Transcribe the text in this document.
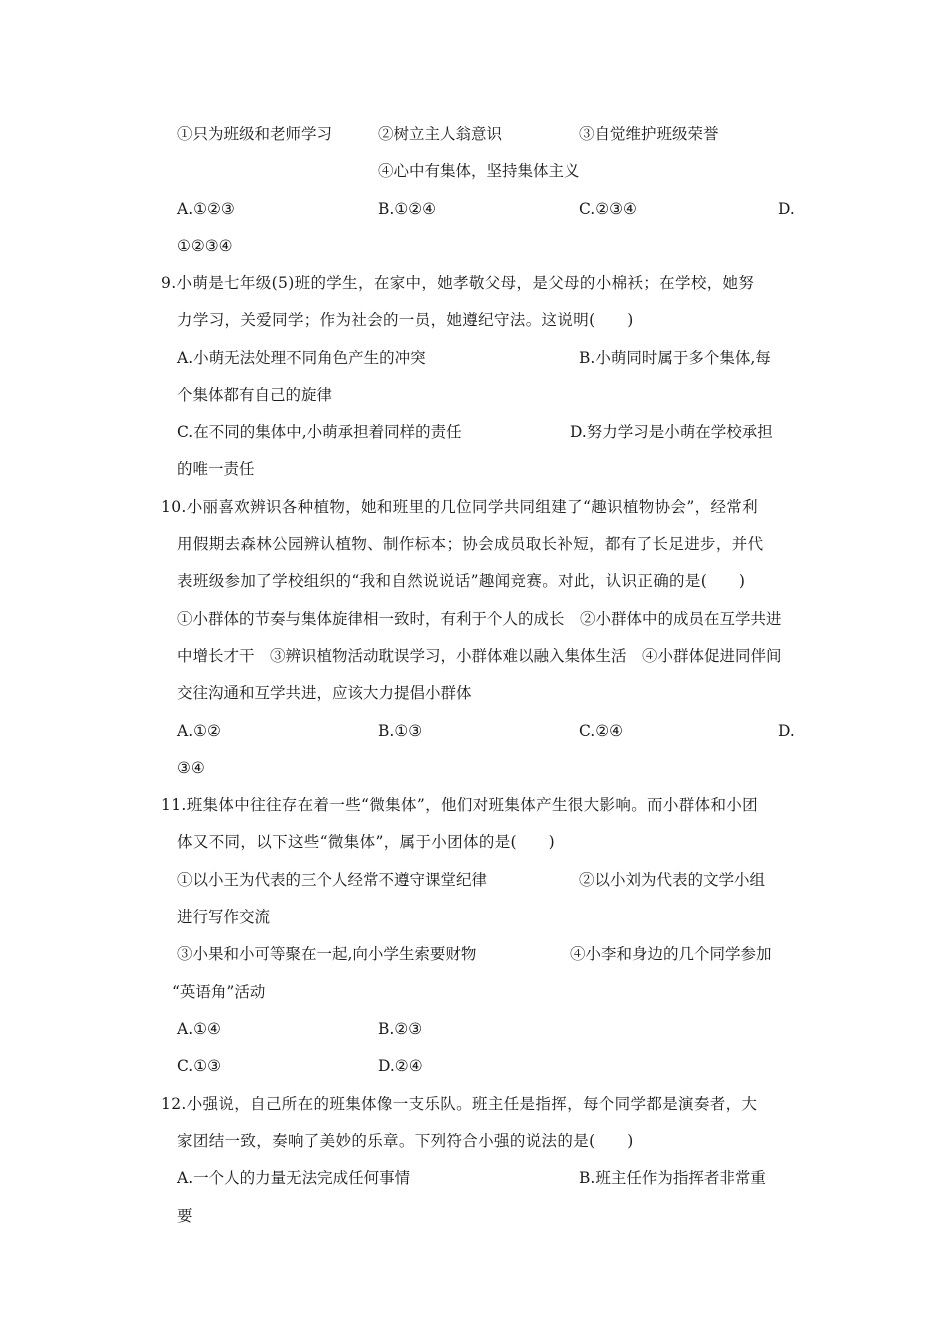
①只为班级和老师学习	②树立主人翁意识	③自觉维护班级荣誉
④心中有集体，坚持集体主义
A.①②③	B.①②④	C.②③④	D.
①②③④
9.小萌是七年级(5)班的学生，在家中，她孝敬父母，是父母的小棉袄；在学校，她努
力学习，关爱同学；作为社会的一员，她遵纪守法。这说明(　　)
A.小萌无法处理不同角色产生的冲突	B.小萌同时属于多个集体,每
个集体都有自己的旋律
C.在不同的集体中,小萌承担着同样的责任	D.努力学习是小萌在学校承担
的唯一责任
10.小丽喜欢辨识各种植物，她和班里的几位同学共同组建了“趣识植物协会”，经常利
用假期去森林公园辨认植物、制作标本；协会成员取长补短，都有了长足进步，并代
表班级参加了学校组织的“我和自然说说话”趣闻竞赛。对此，认识正确的是(　　)
①小群体的节奏与集体旋律相一致时，有利于个人的成长　②小群体中的成员在互学共进
中增长才干　③辨识植物活动耽误学习，小群体难以融入集体生活　④小群体促进同伴间
交往沟通和互学共进，应该大力提倡小群体
A.①②	B.①③	C.②④	D.
③④
11.班集体中往往存在着一些“微集体”，他们对班集体产生很大影响。而小群体和小团
体又不同，以下这些“微集体”，属于小团体的是(　　)
①以小王为代表的三个人经常不遵守课堂纪律	②以小刘为代表的文学小组
进行写作交流
③小果和小可等聚在一起,向小学生索要财物	④小李和身边的几个同学参加
“英语角”活动
A.①④	B.②③
C.①③	D.②④
12.小强说，自己所在的班集体像一支乐队。班主任是指挥，每个同学都是演奏者，大
家团结一致，奏响了美妙的乐章。下列符合小强的说法的是(　　)
A.一个人的力量无法完成任何事情	B.班主任作为指挥者非常重
要
